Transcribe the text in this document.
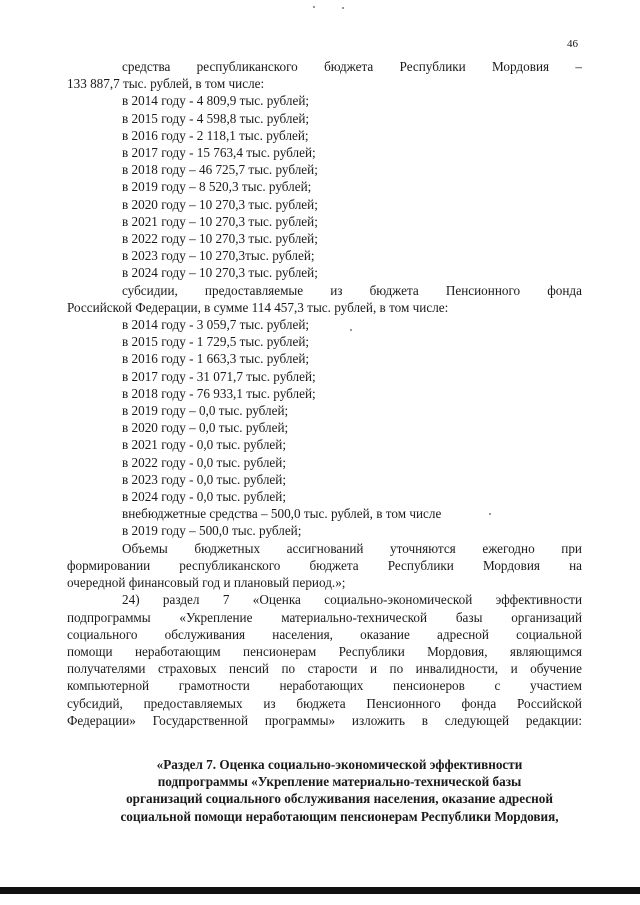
46
средства республиканского бюджета Республики Мордовия –
133 887,7 тыс. рублей, в том числе:
в 2014 году - 4 809,9 тыс. рублей;
в 2015 году - 4 598,8 тыс. рублей;
в 2016 году - 2 118,1 тыс. рублей;
в 2017 году - 15 763,4 тыс. рублей;
в 2018 году – 46 725,7 тыс. рублей;
в 2019 году – 8 520,3 тыс. рублей;
в 2020 году – 10 270,3 тыс. рублей;
в 2021 году – 10 270,3 тыс. рублей;
в 2022 году – 10 270,3 тыс. рублей;
в 2023 году – 10 270,3тыс. рублей;
в 2024 году – 10 270,3 тыс. рублей;
субсидии, предоставляемые из бюджета Пенсионного фонда
Российской Федерации, в сумме 114 457,3 тыс. рублей, в том числе:
в 2014 году - 3 059,7 тыс. рублей;
в 2015 году - 1 729,5 тыс. рублей;
в 2016 году - 1 663,3 тыс. рублей;
в 2017 году - 31 071,7 тыс. рублей;
в 2018 году - 76 933,1 тыс. рублей;
в 2019 году – 0,0 тыс. рублей;
в 2020 году – 0,0 тыс. рублей;
в 2021 году - 0,0 тыс. рублей;
в 2022 году - 0,0 тыс. рублей;
в 2023 году - 0,0 тыс. рублей;
в 2024 году - 0,0 тыс. рублей;
внебюджетные средства – 500,0 тыс. рублей, в том числе
в 2019 году – 500,0 тыс. рублей;
Объемы бюджетных ассигнований уточняются ежегодно при
формировании республиканского бюджета Республики Мордовия на
очередной финансовый год и плановый период.»;
24) раздел 7 «Оценка социально-экономической эффективности
подпрограммы «Укрепление материально-технической базы организаций
социального обслуживания населения, оказание адресной социальной
помощи неработающим пенсионерам Республики Мордовия, являющимся
получателями страховых пенсий по старости и по инвалидности, и обучение
компьютерной грамотности неработающих пенсионеров с участием
субсидий, предоставляемых из бюджета Пенсионного фонда Российской
Федерации» Государственной программы» изложить в следующей редакции:
«Раздел 7. Оценка социально-экономической эффективности
подпрограммы «Укрепление материально-технической базы
организаций социального обслуживания населения, оказание адресной
социальной помощи неработающим пенсионерам Республики Мордовия,
